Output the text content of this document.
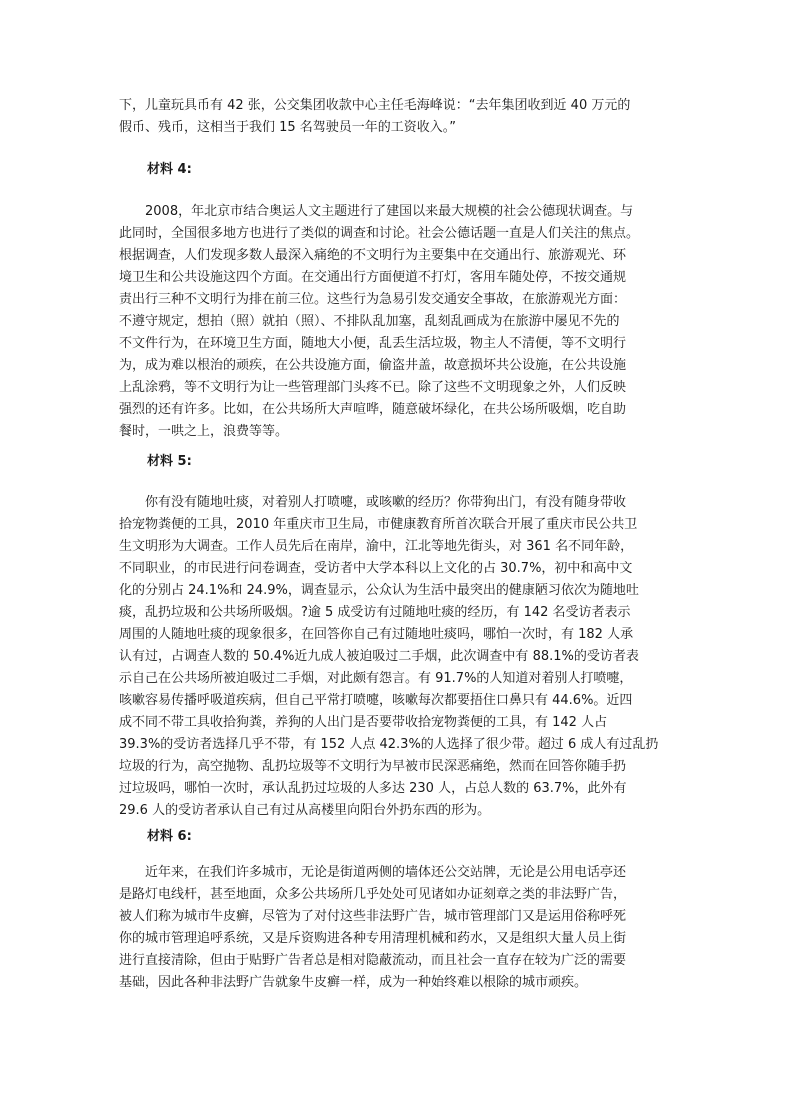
下，儿童玩具币有 42 张，公交集团收款中心主任毛海峰说：“去年集团收到近 40 万元的
假币、残币，这相当于我们 15 名驾驶员一年的工资收入。”

材料 4:

　　2008，年北京市结合奥运人文主题进行了建国以来最大规模的社会公德现状调查。与
此同时，全国很多地方也进行了类似的调查和讨论。社会公德话题一直是人们关注的焦点。
根据调查，人们发现多数人最深入痛绝的不文明行为主要集中在交通出行、旅游观光、环
境卫生和公共设施这四个方面。在交通出行方面便道不打灯，客用车随处停，不按交通规
责出行三种不文明行为排在前三位。这些行为急易引发交通安全事故，在旅游观光方面：
不遵守规定，想拍（照）就拍（照）、不排队乱加塞，乱刻乱画成为在旅游中屡见不先的
不文件行为，在环境卫生方面，随地大小便，乱丢生活垃圾，物主人不清便，等不文明行
为，成为难以根治的顽疾，在公共设施方面，偷盗井盖，故意损坏共公设施，在公共设施
上乱涂鸦，等不文明行为让一些管理部门头疼不已。除了这些不文明现象之外，人们反映
强烈的还有许多。比如，在公共场所大声喧哗，随意破坏绿化，在共公场所吸烟，吃自助
餐时，一哄之上，浪费等等。

材料 5:

　　你有没有随地吐痰，对着别人打喷嚏，或咳嗽的经历？你带狗出门，有没有随身带收
拾宠物粪便的工具，2010 年重庆市卫生局，市健康教育所首次联合开展了重庆市民公共卫
生文明形为大调查。工作人员先后在南岸，渝中，江北等地先街头，对 361 名不同年龄，
不同职业，的市民进行问卷调查，受访者中大学本科以上文化的占 30.7%，初中和高中文
化的分别占 24.1%和 24.9%，调查显示，公众认为生活中最突出的健康陋习依次为随地吐
痰，乱扔垃圾和公共场所吸烟。?逾 5 成受访有过随地吐痰的经历，有 142 名受访者表示
周围的人随地吐痰的现象很多，在回答你自己有过随地吐痰吗，哪怕一次时，有 182 人承
认有过，占调查人数的 50.4%近九成人被迫吸过二手烟，此次调查中有 88.1%的受访者表
示自己在公共场所被迫吸过二手烟，对此颇有怨言。有 91.7%的人知道对着别人打喷嚏，
咳嗽容易传播呼吸道疾病，但自己平常打喷嚏，咳嗽每次都要捂住口鼻只有 44.6%。近四
成不同不带工具收拾狗粪，养狗的人出门是否要带收拾宠物粪便的工具，有 142 人占
39.3%的受访者选择几乎不带，有 152 人点 42.3%的人选择了很少带。超过 6 成人有过乱扔
垃圾的行为，高空抛物、乱扔垃圾等不文明行为早被市民深恶痛绝，然而在回答你随手扔
过垃圾吗，哪怕一次时，承认乱扔过垃圾的人多达 230 人，占总人数的 63.7%，此外有
29.6 人的受访者承认自己有过从高楼里向阳台外扔东西的形为。

材料 6:

　　近年来，在我们许多城市，无论是街道两侧的墙体还公交站牌，无论是公用电话亭还
是路灯电线杆，甚至地面，众多公共场所几乎处处可见诸如办证刻章之类的非法野广告，
被人们称为城市牛皮癣，尽管为了对付这些非法野广告，城市管理部门又是运用俗称呼死
你的城市管理追呼系统，又是斥资购进各种专用清理机械和药水，又是组织大量人员上街
进行直接清除，但由于贴野广告者总是相对隐蔽流动，而且社会一直存在较为广泛的需要
基础，因此各种非法野广告就象牛皮癣一样，成为一种始终难以根除的城市顽疾。
